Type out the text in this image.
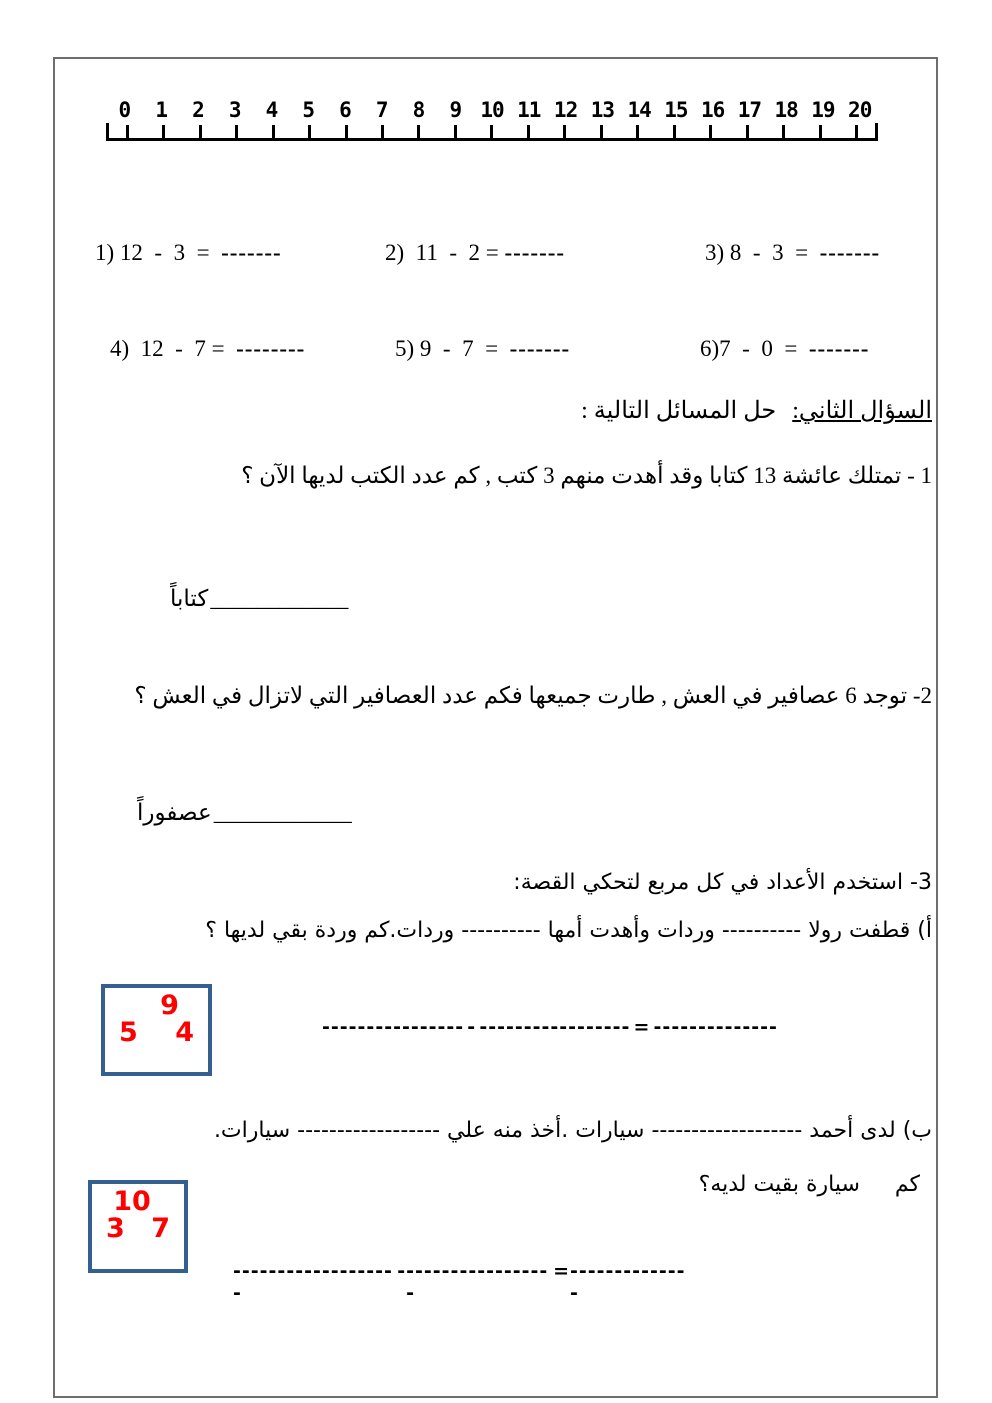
0	1	2	3	4	5	6	7	8	9 10 11 12 13 14 15 16 17 18 19 20
1) 12  -  3  = -------	2) 11  -  2 = -------	3) 8  -  3  = -------
4) 12  -  7 = --------	5) 9  -  7  = -------	6)7  -  0  = -------
السؤال الثاني:حل المسائل التالية :
1 - تمتلك عائشة 13 كتابا وقد أهدت منهم 3 كتب , كم عدد الكتب لديها الآن ؟
كتاباً____________
2- توجد 6 عصافير في العش , طارت جميعها فكم عدد العصافير التي لاتزال في العش ؟
عصفوراً____________
3- استخدم الأعداد في كل مربع لتحكي القصة:
أ) قطفت رولا ---------- وردات وأهدت أمها ---------- وردات.كم وردة بقي لديها ؟
9
5 4	---------------- - ----------------- = --------------
ب) لدى أحمد ------------------- سيارات .أخذ منه علي ------------------ سيارات.
كم     سيارة بقيت لديه؟
10
3 7
-------------------
- -----------------
= --------------
